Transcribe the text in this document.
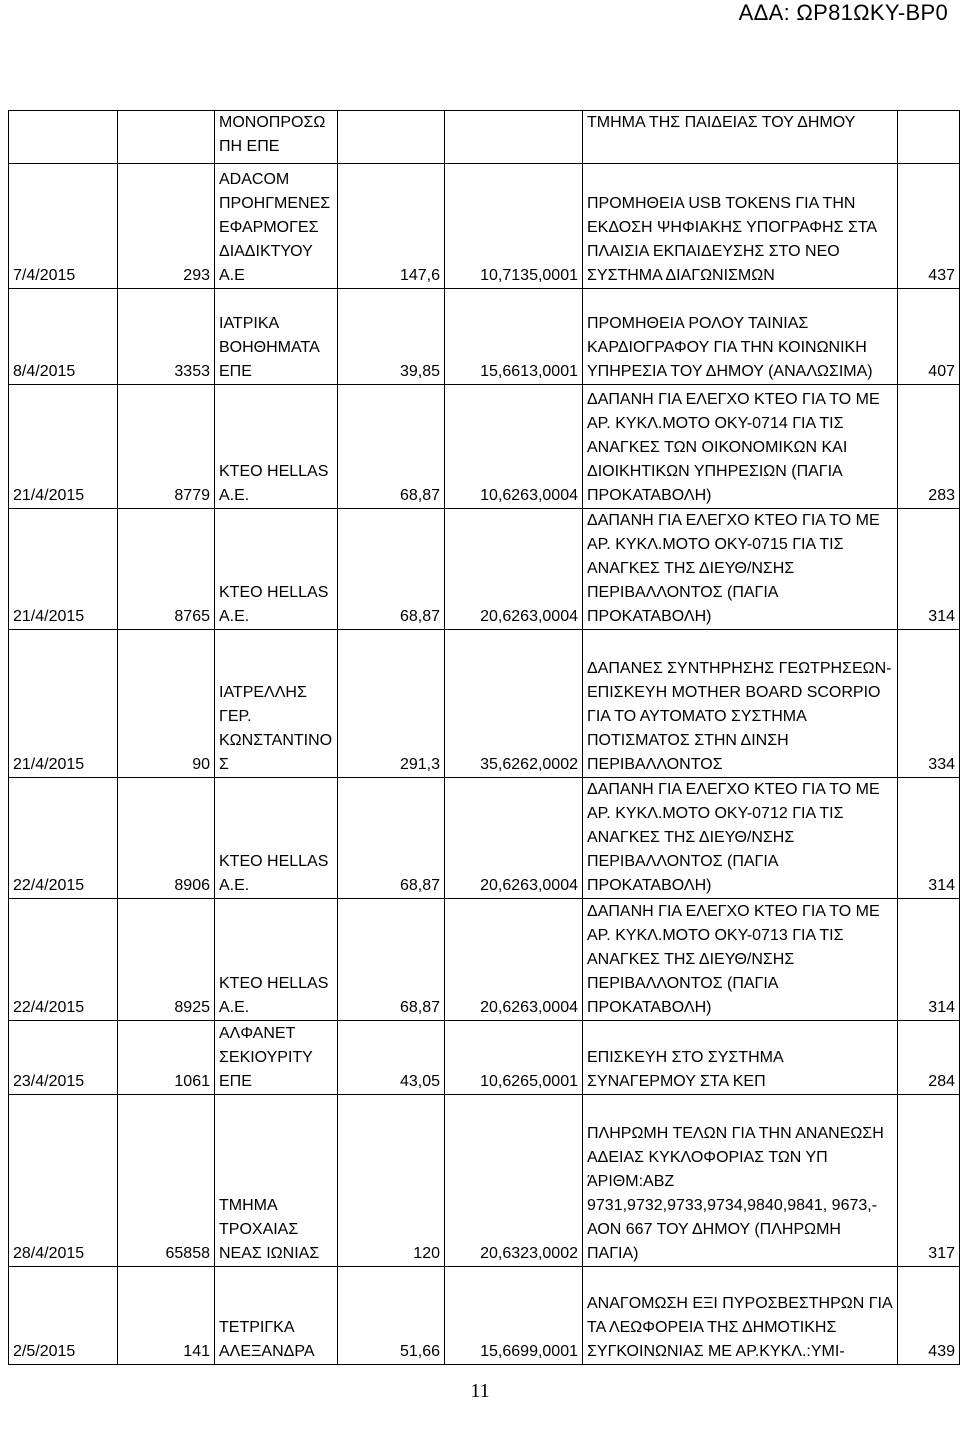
ΑΔΑ: ΩΡ81ΩΚΥ-ΒΡ0
		ΜΟΝΟΠΡΟΣΩ ΠΗ ΕΠΕ			ΤΜΗΜΑ ΤΗΣ ΠΑΙΔΕΙΑΣ ΤΟΥ ΔΗΜΟΥ	
7/4/2015	293	ADACOM ΠΡΟΗΓΜΕΝΕΣ ΕΦΑΡΜΟΓΕΣ ΔΙΑΔΙΚΤΥΟΥ Α.Ε	147,6	10,7135,0001	ΠΡΟΜΗΘΕΙΑ USB TOKENS ΓΙΑ ΤΗΝ ΕΚΔΟΣΗ ΨΗΦΙΑΚΗΣ ΥΠΟΓΡΑΦΗΣ ΣΤΑ ΠΛΑΙΣΙΑ ΕΚΠΑΙΔΕΥΣΗΣ ΣΤΟ ΝΕΟ ΣΥΣΤΗΜΑ ΔΙΑΓΩΝΙΣΜΩΝ	437
8/4/2015	3353	ΙΑΤΡΙΚΑ ΒΟΗΘΗΜΑΤΑ ΕΠΕ	39,85	15,6613,0001	ΠΡΟΜΗΘΕΙΑ ΡΟΛΟΥ ΤΑΙΝΙΑΣ ΚΑΡΔΙΟΓΡΑΦΟΥ ΓΙΑ ΤΗΝ ΚΟΙΝΩΝΙΚΗ ΥΠΗΡΕΣΙΑ ΤΟΥ ΔΗΜΟΥ (ΑΝΑΛΩΣΙΜΑ)	407
21/4/2015	8779	ΚΤΕΟ HELLAS Α.Ε.	68,87	10,6263,0004	ΔΑΠΑΝΗ ΓΙΑ ΕΛΕΓΧΟ ΚΤΕΟ ΓΙΑ ΤΟ ΜΕ ΑΡ. ΚΥΚΛ.ΜΟΤΟ ΟΚΥ-0714 ΓΙΑ ΤΙΣ ΑΝΑΓΚΕΣ ΤΩΝ ΟΙΚΟΝΟΜΙΚΩΝ ΚΑΙ ΔΙΟΙΚΗΤΙΚΩΝ ΥΠΗΡΕΣΙΩΝ (ΠΑΓΙΑ ΠΡΟΚΑΤΑΒΟΛΗ)	283
21/4/2015	8765	ΚΤΕΟ HELLAS Α.Ε.	68,87	20,6263,0004	ΔΑΠΑΝΗ ΓΙΑ ΕΛΕΓΧΟ ΚΤΕΟ ΓΙΑ ΤΟ ΜΕ ΑΡ. ΚΥΚΛ.ΜΟΤΟ ΟΚΥ-0715 ΓΙΑ ΤΙΣ ΑΝΑΓΚΕΣ ΤΗΣ ΔΙΕΥΘ/ΝΣΗΣ ΠΕΡΙΒΑΛΛΟΝΤΟΣ (ΠΑΓΙΑ ΠΡΟΚΑΤΑΒΟΛΗ)	314
21/4/2015	90	ΙΑΤΡΕΛΛΗΣ ΓΕΡ. ΚΩΝΣΤΑΝΤΙΝΟ Σ	291,3	35,6262,0002	ΔΑΠΑΝΕΣ ΣΥΝΤΗΡΗΣΗΣ ΓΕΩΤΡΗΣΕΩΝ-ΕΠΙΣΚΕΥΗ MOTHER BOARD SCORPIO ΓΙΑ ΤΟ ΑΥΤΟΜΑΤΟ ΣΥΣΤΗΜΑ ΠΟΤΙΣΜΑΤΟΣ ΣΤΗΝ ΔΙΝΣΗ ΠΕΡΙΒΑΛΛΟΝΤΟΣ	334
22/4/2015	8906	ΚΤΕΟ HELLAS Α.Ε.	68,87	20,6263,0004	ΔΑΠΑΝΗ ΓΙΑ ΕΛΕΓΧΟ ΚΤΕΟ ΓΙΑ ΤΟ ΜΕ ΑΡ. ΚΥΚΛ.ΜΟΤΟ ΟΚΥ-0712 ΓΙΑ ΤΙΣ ΑΝΑΓΚΕΣ ΤΗΣ ΔΙΕΥΘ/ΝΣΗΣ ΠΕΡΙΒΑΛΛΟΝΤΟΣ (ΠΑΓΙΑ ΠΡΟΚΑΤΑΒΟΛΗ)	314
22/4/2015	8925	ΚΤΕΟ HELLAS Α.Ε.	68,87	20,6263,0004	ΔΑΠΑΝΗ ΓΙΑ ΕΛΕΓΧΟ ΚΤΕΟ ΓΙΑ ΤΟ ΜΕ ΑΡ. ΚΥΚΛ.ΜΟΤΟ ΟΚΥ-0713 ΓΙΑ ΤΙΣ ΑΝΑΓΚΕΣ ΤΗΣ ΔΙΕΥΘ/ΝΣΗΣ ΠΕΡΙΒΑΛΛΟΝΤΟΣ (ΠΑΓΙΑ ΠΡΟΚΑΤΑΒΟΛΗ)	314
23/4/2015	1061	ΑΛΦΑΝΕΤ ΣΕΚΙΟΥΡΙΤΥ ΕΠΕ	43,05	10,6265,0001	ΕΠΙΣΚΕΥΗ ΣΤΟ ΣΥΣΤΗΜΑ ΣΥΝΑΓΕΡΜΟΥ ΣΤΑ ΚΕΠ	284
28/4/2015	65858	ΤΜΗΜΑ ΤΡΟΧΑΙΑΣ ΝΕΑΣ ΙΩΝΙΑΣ	120	20,6323,0002	ΠΛΗΡΩΜΗ ΤΕΛΩΝ ΓΙΑ ΤΗΝ ΑΝΑΝΕΩΣΗ ΑΔΕΙΑΣ ΚΥΚΛΟΦΟΡΙΑΣ ΤΩΝ ΥΠ ΆΡΙΘΜ:ΑΒΖ 9731,9732,9733,9734,9840,9841, 9673,-ΑΟΝ 667 ΤΟΥ ΔΗΜΟΥ (ΠΛΗΡΩΜΗ ΠΑΓΙΑ)	317
2/5/2015	141	ΤΕΤΡΙΓΚΑ ΑΛΕΞΑΝΔΡΑ	51,66	15,6699,0001	ΑΝΑΓΟΜΩΣΗ ΕΞΙ ΠΥΡΟΣΒΕΣΤΗΡΩΝ ΓΙΑ ΤΑ ΛΕΩΦΟΡΕΙΑ ΤΗΣ ΔΗΜΟΤΙΚΗΣ ΣΥΓΚΟΙΝΩΝΙΑΣ ΜΕ ΑΡ.ΚΥΚΛ.:ΥΜΙ-	439
11
